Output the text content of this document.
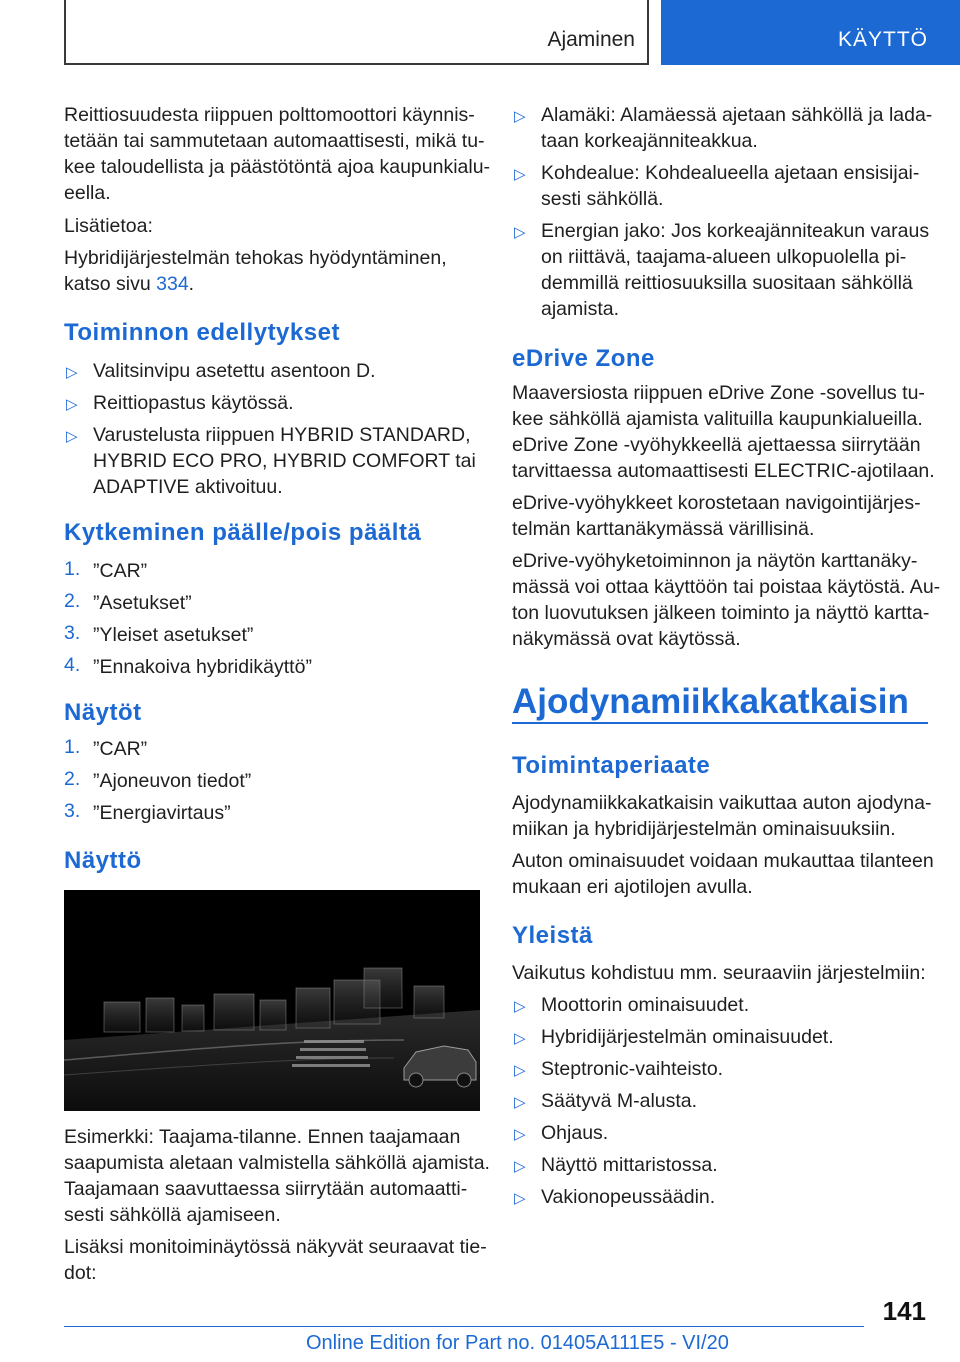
Ajaminen	KÄYTTÖ
Reittiosuudesta riippuen polttomoottori käynnis-
tetään tai sammutetaan automaattisesti, mikä tu-
kee taloudellista ja päästötöntä ajoa kaupunkialu-
eella.
Lisätietoa:
Hybridijärjestelmän tehokas hyödyntäminen,
katso sivu 334.
Toiminnon edellytykset
▷ Valitsinvipu asetettu asentoon D.
▷ Reittiopastus käytössä.
▷ Varustelusta riippuen HYBRID STANDARD,
HYBRID ECO PRO, HYBRID COMFORT tai
ADAPTIVE aktivoituu.
Kytkeminen päälle/pois päältä
1. ”CAR”
2. ”Asetukset”
3. ”Yleiset asetukset”
4. ”Ennakoiva hybridikäyttö”
Näytöt
1. ”CAR”
2. ”Ajoneuvon tiedot”
3. ”Energiavirtaus”
Näyttö
Esimerkki: Taajama-tilanne. Ennen taajamaan
saapumista aletaan valmistella sähköllä ajamista.
Taajamaan saavuttaessa siirrytään automaatti-
sesti sähköllä ajamiseen.
Lisäksi monitoiminäytössä näkyvät seuraavat tie-
dot:
▷ Alamäki: Alamäessä ajetaan sähköllä ja lada-
taan korkeajänniteakkua.
▷ Kohdealue: Kohdealueella ajetaan ensisijai-
sesti sähköllä.
▷ Energian jako: Jos korkeajänniteakun varaus
on riittävä, taajama-alueen ulkopuolella pi-
demmillä reittiosuuksilla suositaan sähköllä
ajamista.
eDrive Zone
Maaversiosta riippuen eDrive Zone -sovellus tu-
kee sähköllä ajamista valituilla kaupunkialueilla.
eDrive Zone -vyöhykkeellä ajettaessa siirrytään
tarvittaessa automaattisesti ELECTRIC-ajotilaan.
eDrive-vyöhykkeet korostetaan navigointijärjes-
telmän karttanäkymässä värillisinä.
eDrive-vyöhyketoiminnon ja näytön karttanäky-
mässä voi ottaa käyttöön tai poistaa käytöstä. Au-
ton luovutuksen jälkeen toiminto ja näyttö kartta-
näkymässä ovat käytössä.
Ajodynamiikkakatkaisin
Toimintaperiaate
Ajodynamiikkakatkaisin vaikuttaa auton ajodyna-
miikan ja hybridijärjestelmän ominaisuuksiin.
Auton ominaisuudet voidaan mukauttaa tilanteen
mukaan eri ajotilojen avulla.
Yleistä
Vaikutus kohdistuu mm. seuraaviin järjestelmiin:
▷ Moottorin ominaisuudet.
▷ Hybridijärjestelmän ominaisuudet.
▷ Steptronic-vaihteisto.
▷ Säätyvä M-alusta.
▷ Ohjaus.
▷ Näyttö mittaristossa.
▷ Vakionopeussäädin.
141
Online Edition for Part no. 01405A111E5 - VI/20
